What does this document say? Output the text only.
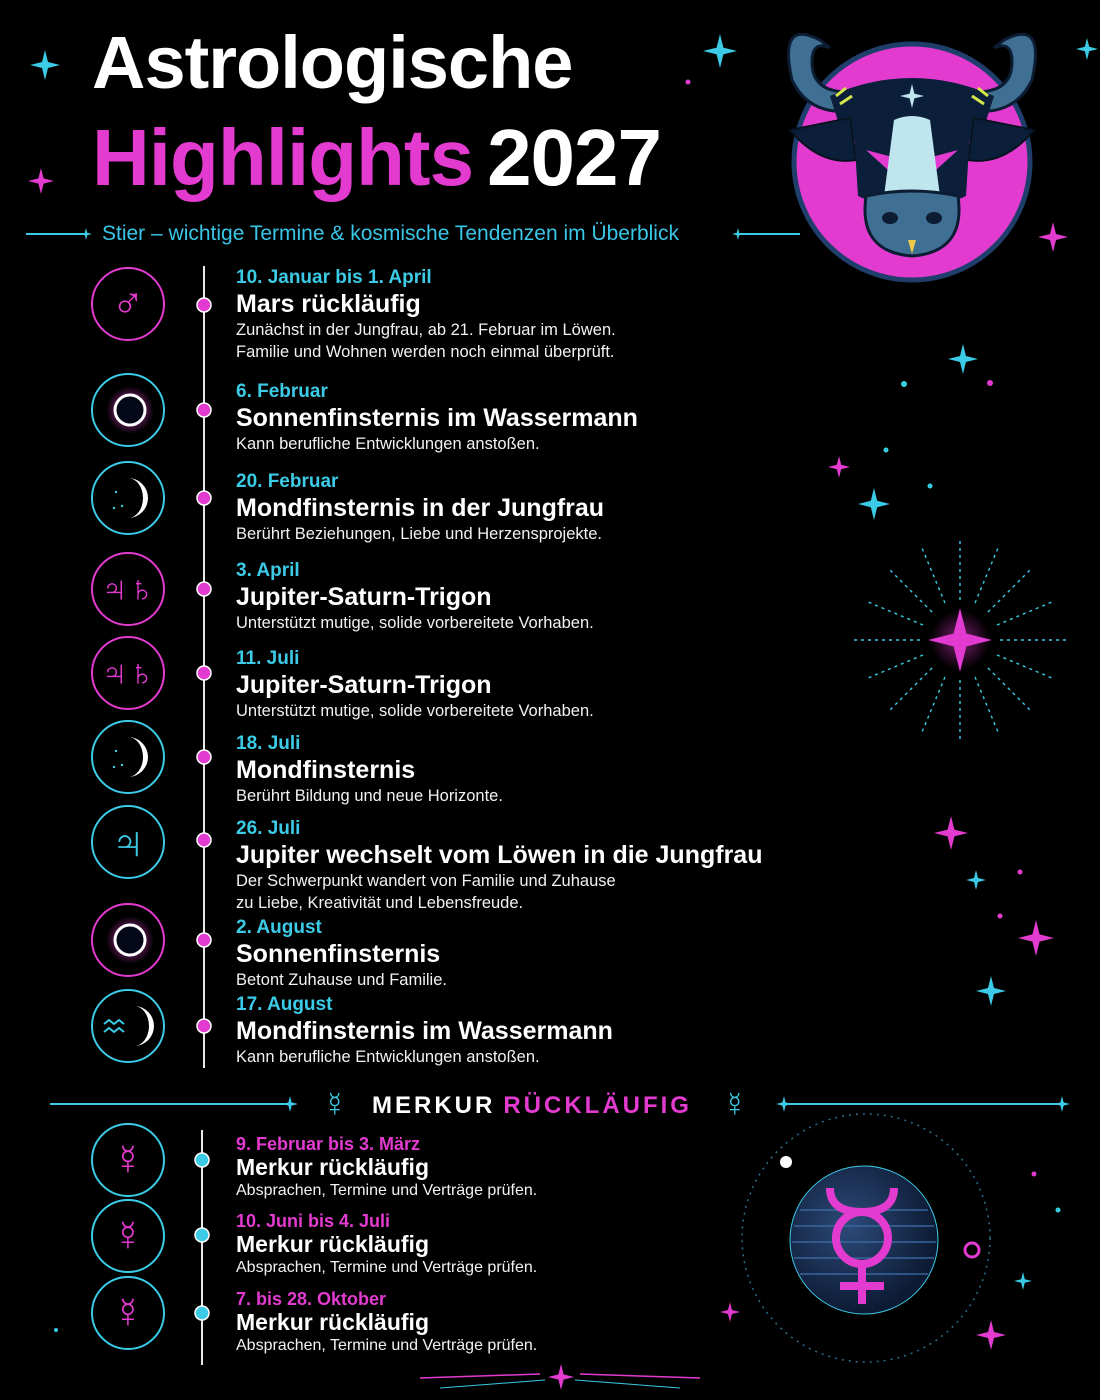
Astrologische
Highlights 2027
Stier – wichtige Termine & kosmische Tendenzen im Überblick
♂
♃♄
♃♄
♃
☿
☿
☿
10. Januar bis 1. April
Mars rückläufig
Zunächst in der Jungfrau, ab 21. Februar im Löwen.
Familie und Wohnen werden noch einmal überprüft.
6. Februar
Sonnenfinsternis im Wassermann
Kann berufliche Entwicklungen anstoßen.
20. Februar
Mondfinsternis in der Jungfrau
Berührt Beziehungen, Liebe und Herzensprojekte.
3. April
Jupiter-Saturn-Trigon
Unterstützt mutige, solide vorbereitete Vorhaben.
11. Juli
Jupiter-Saturn-Trigon
Unterstützt mutige, solide vorbereitete Vorhaben.
18. Juli
Mondfinsternis
Berührt Bildung und neue Horizonte.
26. Juli
Jupiter wechselt vom Löwen in die Jungfrau
Der Schwerpunkt wandert von Familie und Zuhause
zu Liebe, Kreativität und Lebensfreude.
2. August
Sonnenfinsternis
Betont Zuhause und Familie.
17. August
Mondfinsternis im Wassermann
Kann berufliche Entwicklungen anstoßen.
☿ MERKUR RÜCKLÄUFIG ☿
9. Februar bis 3. März
Merkur rückläufig
Absprachen, Termine und Verträge prüfen.
10. Juni bis 4. Juli
Merkur rückläufig
Absprachen, Termine und Verträge prüfen.
7. bis 28. Oktober
Merkur rückläufig
Absprachen, Termine und Verträge prüfen.
